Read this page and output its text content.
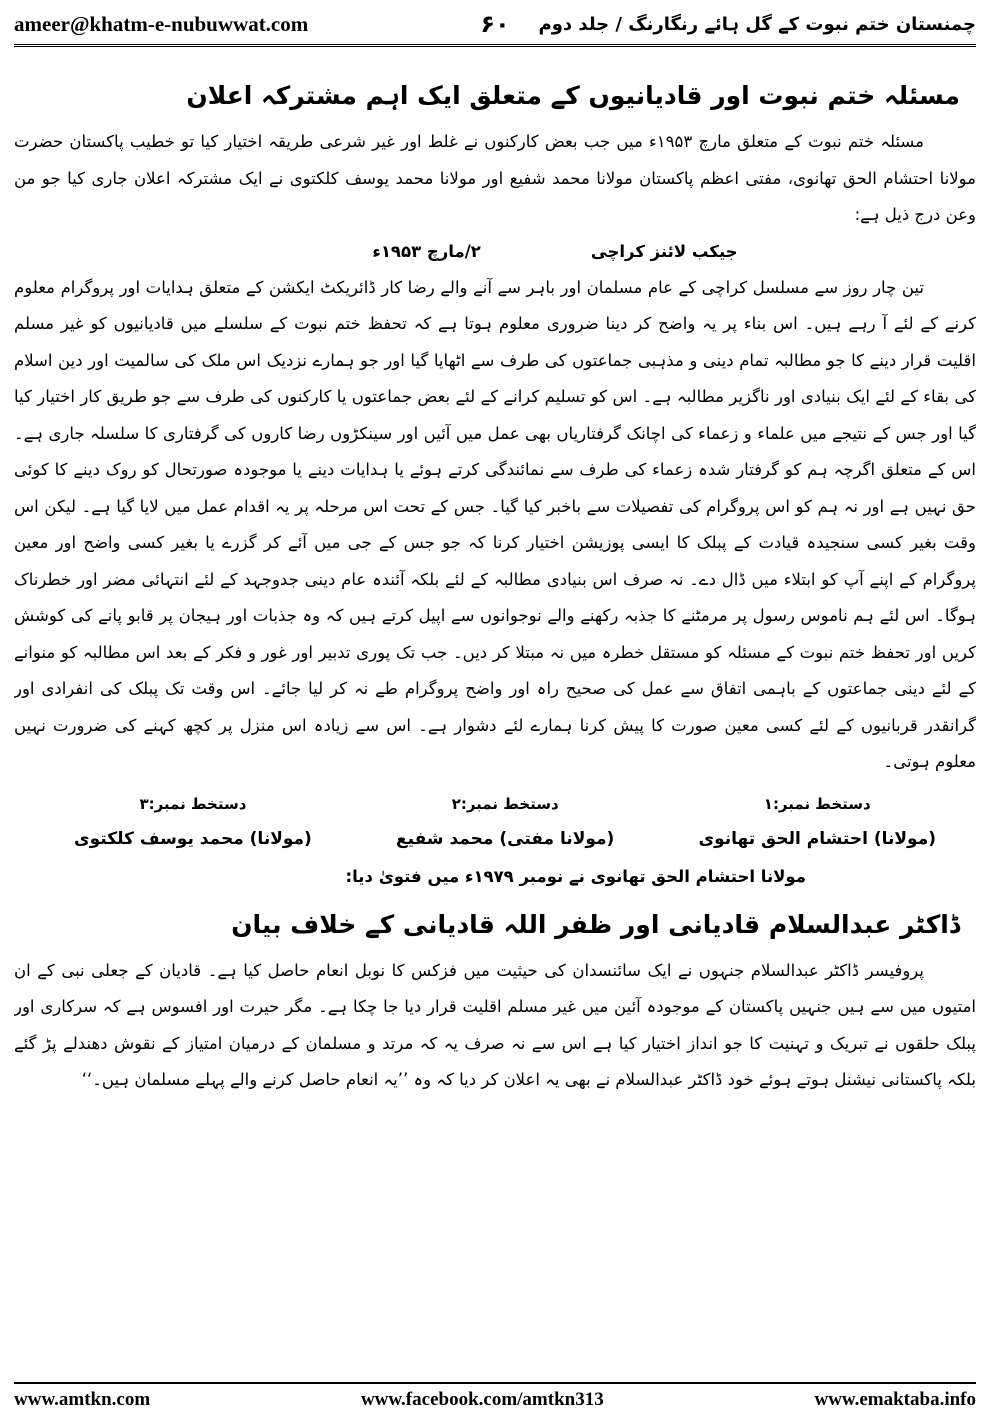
ameer@khatm-e-nubuwwat.com	۶۰	چمنستان ختم نبوت کے گل ہائے رنگارنگ / جلد دوم
مسئلہ ختم نبوت اور قادیانیوں کے متعلق ایک اہم مشترکہ اعلان

مسئلہ ختم نبوت کے متعلق مارچ ۱۹۵۳ء میں جب بعض کارکنوں نے غلط اور غیر شرعی طریقہ اختیار کیا تو خطیب پاکستان حضرت مولانا احتشام الحق تھانوی، مفتی اعظم پاکستان مولانا محمد شفیع اور مولانا محمد یوسف کلکتوی نے ایک مشترکہ اعلان جاری کیا جو من وعن درج ذیل ہے:

جیکب لائنز کراچی
۲/مارچ ۱۹۵۳ء

تین چار روز سے مسلسل کراچی کے عام مسلمان اور باہر سے آنے والے رضا کار ڈائریکٹ ایکشن کے متعلق ہدایات اور پروگرام معلوم کرنے کے لئے آ رہے ہیں۔ اس بناء پر یہ واضح کر دینا ضروری معلوم ہوتا ہے کہ تحفظ ختم نبوت کے سلسلے میں قادیانیوں کو غیر مسلم اقلیت قرار دینے کا جو مطالبہ تمام دینی و مذہبی جماعتوں کی طرف سے اٹھایا گیا اور جو ہمارے نزدیک اس ملک کی سالمیت اور دین اسلام کی بقاء کے لئے ایک بنیادی اور ناگزیر مطالبہ ہے۔ اس کو تسلیم کرانے کے لئے بعض جماعتوں یا کارکنوں کی طرف سے جو طریق کار اختیار کیا گیا اور جس کے نتیجے میں علماء و زعماء کی اچانک گرفتاریاں بھی عمل میں آئیں اور سینکڑوں رضا کاروں کی گرفتاری کا سلسلہ جاری ہے۔ اس کے متعلق اگرچہ ہم کو گرفتار شدہ زعماء کی طرف سے نمائندگی کرتے ہوئے یا ہدایات دینے یا موجودہ صورتحال کو روک دینے کا کوئی حق نہیں ہے اور نہ ہم کو اس پروگرام کی تفصیلات سے باخبر کیا گیا۔ جس کے تحت اس مرحلہ پر یہ اقدام عمل میں لایا گیا ہے۔ لیکن اس وقت بغیر کسی سنجیدہ قیادت کے پبلک کا ایسی پوزیشن اختیار کرنا کہ جو جس کے جی میں آئے کر گزرے یا بغیر کسی واضح اور معین پروگرام کے اپنے آپ کو ابتلاء میں ڈال دے۔ نہ صرف اس بنیادی مطالبہ کے لئے بلکہ آئندہ عام دینی جدوجہد کے لئے انتہائی مضر اور خطرناک ہوگا۔ اس لئے ہم ناموس رسول پر مرمٹنے کا جذبہ رکھنے والے نوجوانوں سے اپیل کرتے ہیں کہ وہ جذبات اور ہیجان پر قابو پانے کی کوشش کریں اور تحفظ ختم نبوت کے مسئلہ کو مستقل خطرہ میں نہ مبتلا کر دیں۔ جب تک پوری تدبیر اور غور و فکر کے بعد اس مطالبہ کو منوانے کے لئے دینی جماعتوں کے باہمی اتفاق سے عمل کی صحیح راہ اور واضح پروگرام طے نہ کر لیا جائے۔ اس وقت تک پبلک کی انفرادی اور گرانقدر قربانیوں کے لئے کسی معین صورت کا پیش کرنا ہمارے لئے دشوار ہے۔ اس سے زیادہ اس منزل پر کچھ کہنے کی ضرورت نہیں معلوم ہوتی۔

دستخط نمبر:۱
(مولانا) احتشام الحق تھانوی
دستخط نمبر:۲
(مولانا مفتی) محمد شفیع
دستخط نمبر:۳
(مولانا) محمد یوسف کلکتوی
مولانا احتشام الحق تھانوی نے نومبر ۱۹۷۹ء میں فتویٰ دیا:
ڈاکٹر عبدالسلام قادیانی اور ظفر اللہ قادیانی کے خلاف بیان

پروفیسر ڈاکٹر عبدالسلام جنہوں نے ایک سائنسدان کی حیثیت میں فزکس کا نوبل انعام حاصل کیا ہے۔ قادیان کے جعلی نبی کے ان امتیوں میں سے ہیں جنہیں پاکستان کے موجودہ آئین میں غیر مسلم اقلیت قرار دیا جا چکا ہے۔ مگر حیرت اور افسوس ہے کہ سرکاری اور پبلک حلقوں نے تبریک و تہنیت کا جو انداز اختیار کیا ہے اس سے نہ صرف یہ کہ مرتد و مسلمان کے درمیان امتیاز کے نقوش دھندلے پڑ گئے بلکہ پاکستانی نیشنل ہوتے ہوئے خود ڈاکٹر عبدالسلام نے بھی یہ اعلان کر دیا کہ وہ ’’یہ انعام حاصل کرنے والے پہلے مسلمان ہیں۔‘‘

www.amtkn.com	www.facebook.com/amtkn313	www.emaktaba.info
